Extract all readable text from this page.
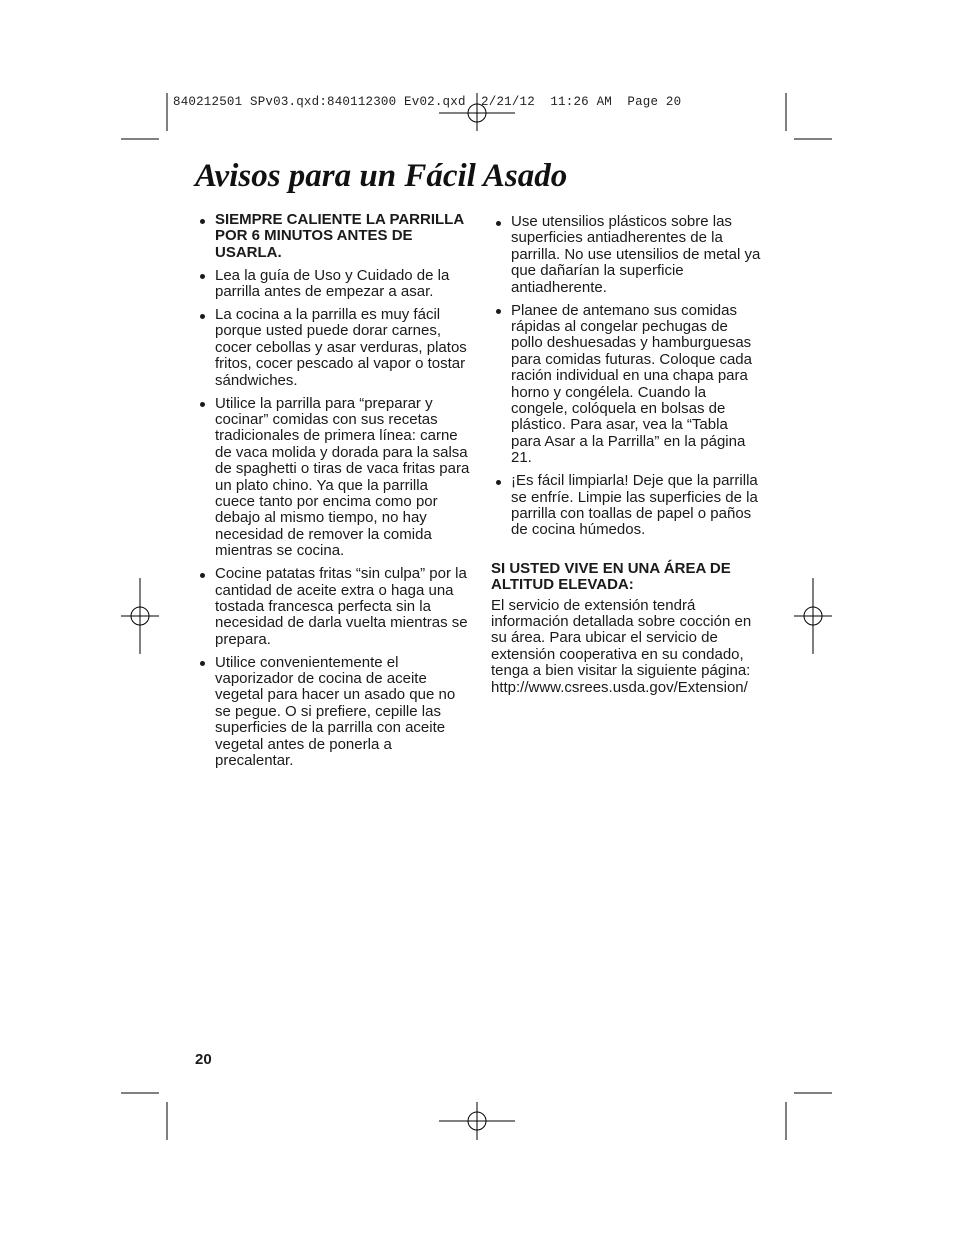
840212501 SPv03.qxd:840112300 Ev02.qxd  2/21/12  11:26 AM  Page 20
Avisos para un Fácil Asado
SIEMPRE CALIENTE LA PARRILLA POR 6 MINUTOS ANTES DE USARLA.
Lea la guía de Uso y Cuidado de la parrilla antes de empezar a asar.
La cocina a la parrilla es muy fácil porque usted puede dorar carnes, cocer cebollas y asar verduras, platos fritos, cocer pescado al vapor o tostar sándwiches.
Utilice la parrilla para “preparar y cocinar” comidas con sus recetas tradicionales de primera línea: carne de vaca molida y dorada para la salsa de spaghetti o tiras de vaca fritas para un plato chino. Ya que la parrilla cuece tanto por encima como por debajo al mismo tiempo, no hay necesidad de remover la comida mientras se cocina.
Cocine patatas fritas “sin culpa” por la cantidad de aceite extra o haga una tostada francesca perfecta sin la necesidad de darla vuelta mientras se prepara.
Utilice convenientemente el vaporizador de cocina de aceite vegetal para hacer un asado que no se pegue. O si prefiere, cepille las superficies de la parrilla con aceite vegetal antes de ponerla a precalentar.
Use utensilios plásticos sobre las superficies antiadherentes de la parrilla. No use utensilios de metal ya que dañarían la superficie antiadherente.
Planee de antemano sus comidas rápidas al congelar pechugas de pollo deshuesadas y hamburguesas para comidas futuras. Coloque cada ración individual en una chapa para horno y congélela. Cuando la congele, colóquela en bolsas de plástico. Para asar, vea la “Tabla para Asar a la Parrilla” en la página 21.
¡Es fácil limpiarla! Deje que la parrilla se enfríe. Limpie las superficies de la parrilla con toallas de papel o paños de cocina húmedos.
SI USTED VIVE EN UNA ÁREA DE ALTITUD ELEVADA:
El servicio de extensión tendrá información detallada sobre cocción en su área. Para ubicar el servicio de extensión cooperativa en su condado, tenga a bien visitar la siguiente página: http://www.csrees.usda.gov/Extension/
20
